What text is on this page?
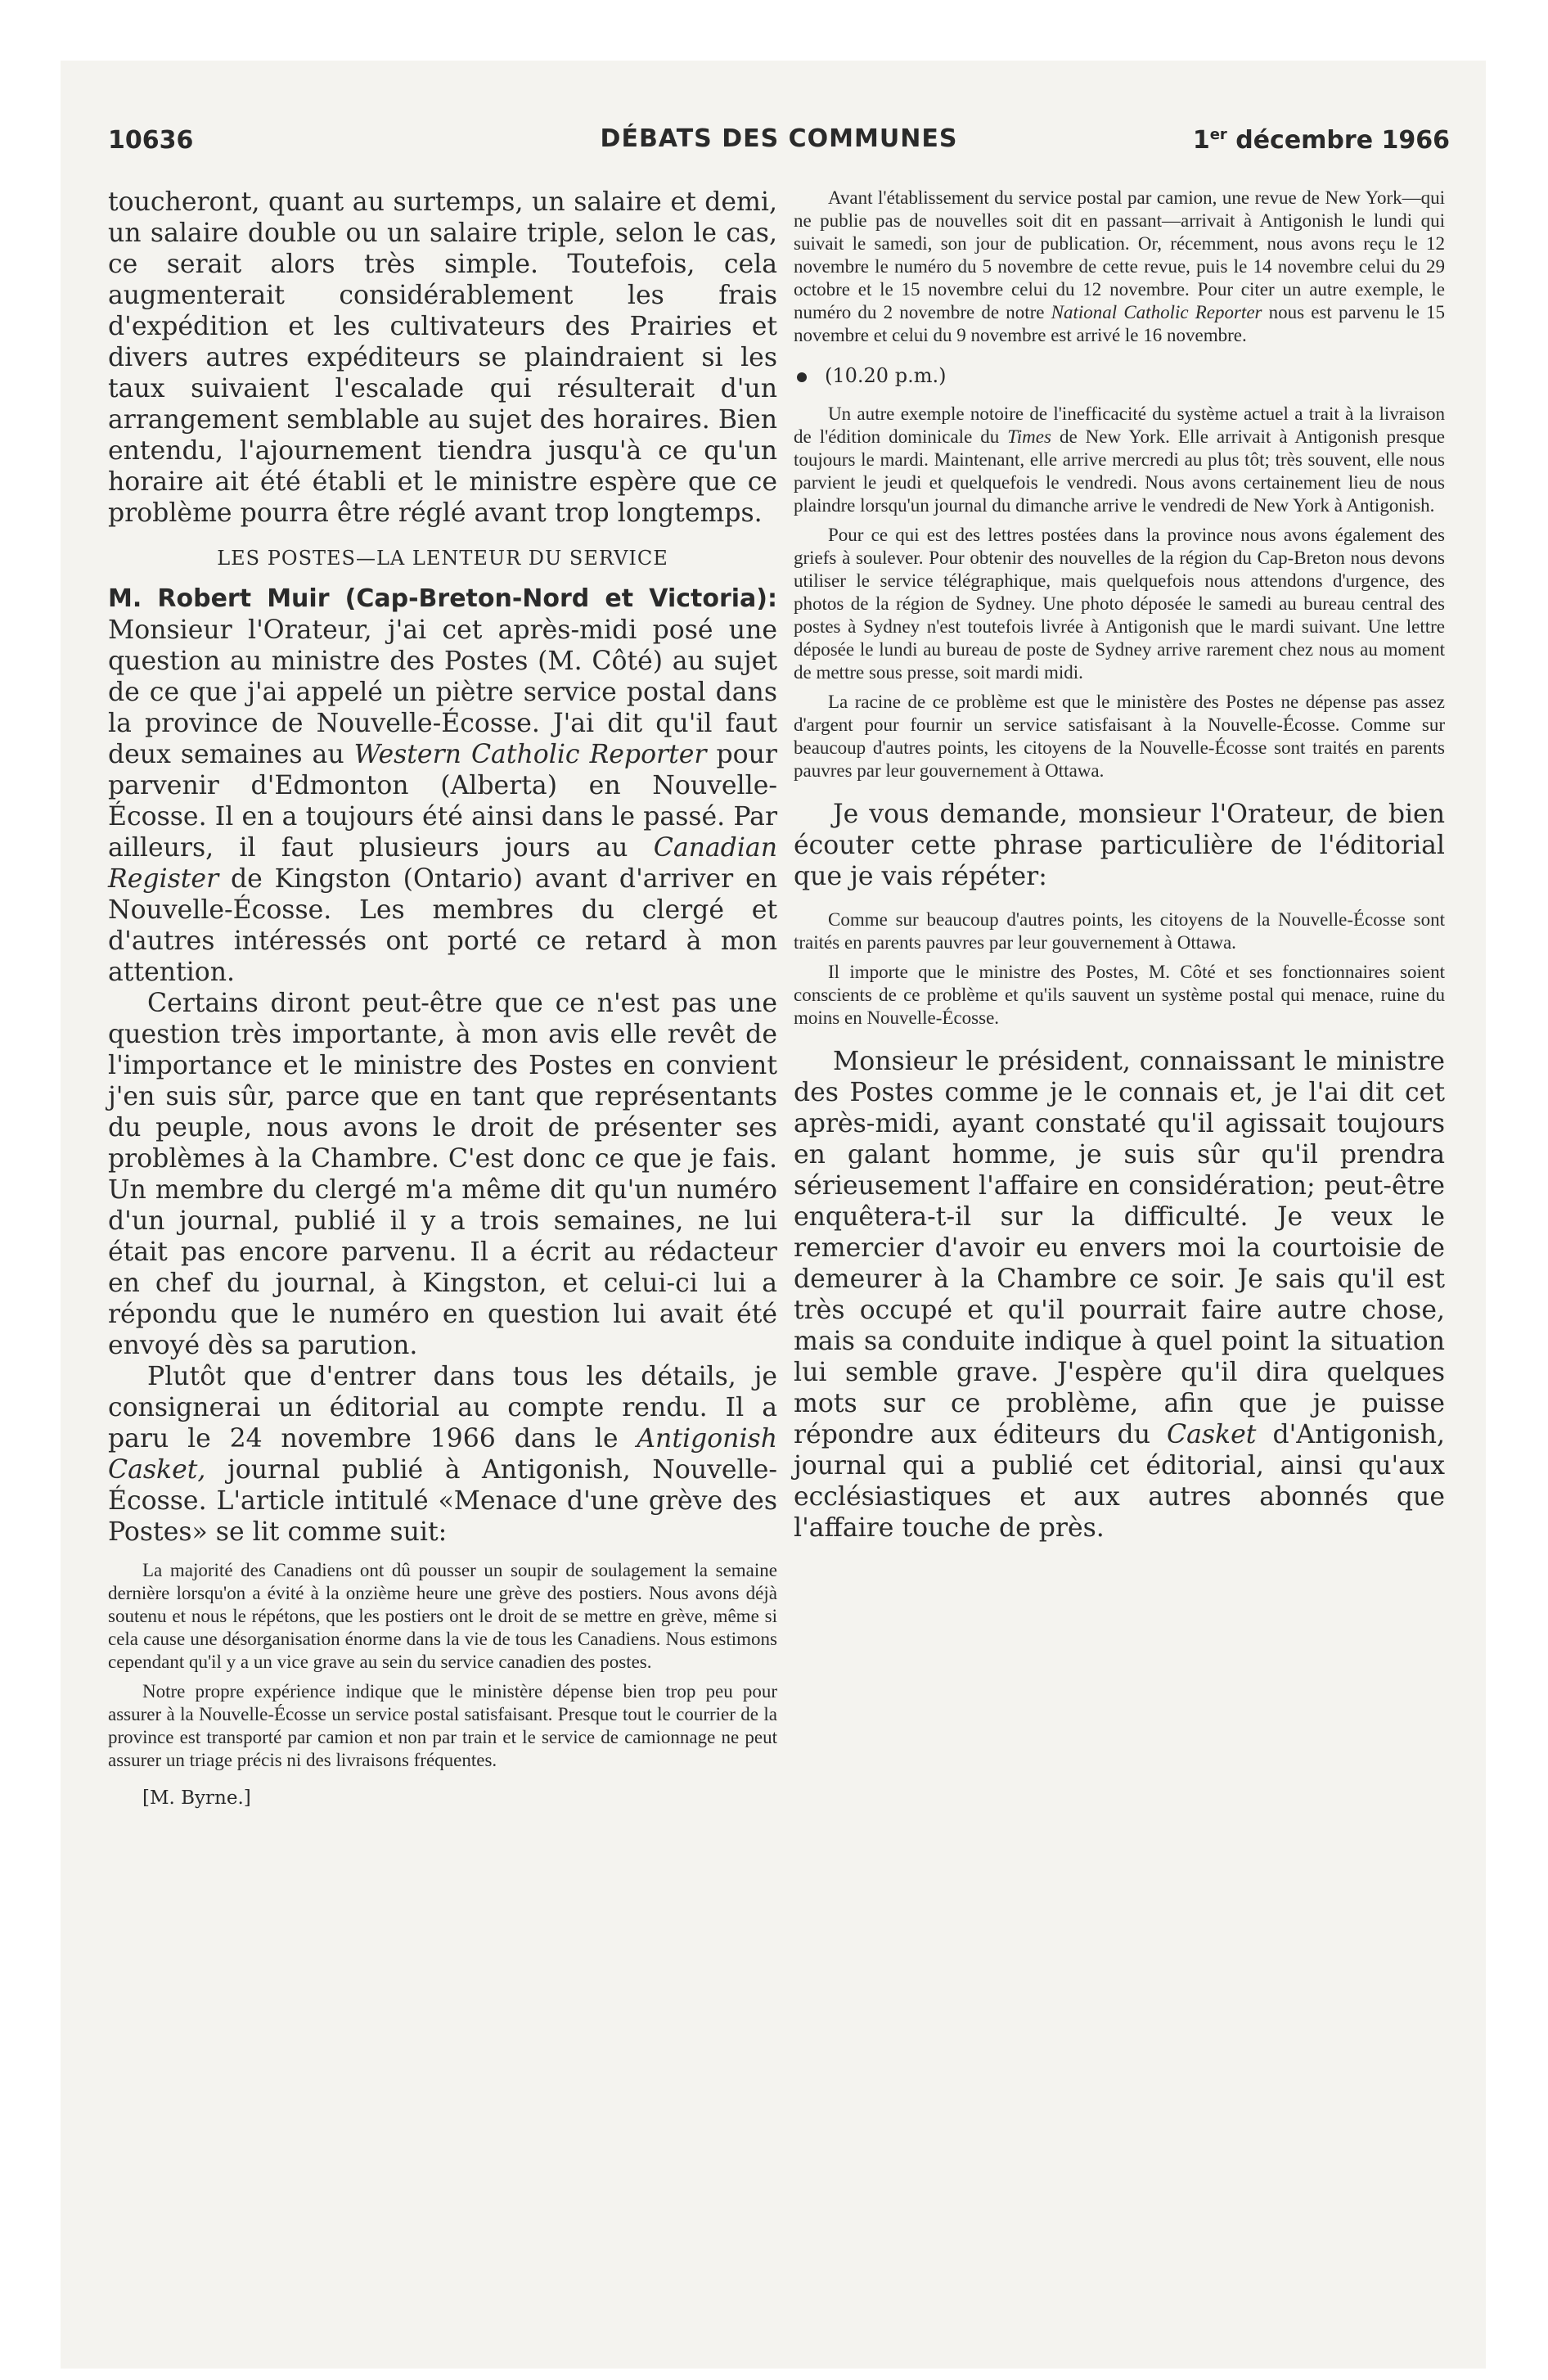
10636	DÉBATS DES COMMUNES	1er décembre 1966

toucheront, quant au surtemps, un salaire et demi, un salaire double ou un salaire triple, selon le cas, ce serait alors très simple. Toutefois, cela augmenterait considérablement les frais d'expédition et les cultivateurs des Prairies et divers autres expéditeurs se plaindraient si les taux suivaient l'escalade qui résulterait d'un arrangement semblable au sujet des horaires. Bien entendu, l'ajournement tiendra jusqu'à ce qu'un horaire ait été établi et le ministre espère que ce problème pourra être réglé avant trop longtemps.

LES POSTES—LA LENTEUR DU SERVICE

M. Robert Muir (Cap-Breton-Nord et Victoria): Monsieur l'Orateur, j'ai cet après-midi posé une question au ministre des Postes (M. Côté) au sujet de ce que j'ai appelé un piètre service postal dans la province de Nouvelle-Écosse. J'ai dit qu'il faut deux semaines au Western Catholic Reporter pour parvenir d'Edmonton (Alberta) en Nouvelle-Écosse. Il en a toujours été ainsi dans le passé. Par ailleurs, il faut plusieurs jours au Canadian Register de Kingston (Ontario) avant d'arriver en Nouvelle-Écosse. Les membres du clergé et d'autres intéressés ont porté ce retard à mon attention.

Certains diront peut-être que ce n'est pas une question très importante, à mon avis elle revêt de l'importance et le ministre des Postes en convient j'en suis sûr, parce que en tant que représentants du peuple, nous avons le droit de présenter ses problèmes à la Chambre. C'est donc ce que je fais. Un membre du clergé m'a même dit qu'un numéro d'un journal, publié il y a trois semaines, ne lui était pas encore parvenu. Il a écrit au rédacteur en chef du journal, à Kingston, et celui-ci lui a répondu que le numéro en question lui avait été envoyé dès sa parution.

Plutôt que d'entrer dans tous les détails, je consignerai un éditorial au compte rendu. Il a paru le 24 novembre 1966 dans le Antigonish Casket, journal publié à Antigonish, Nouvelle-Écosse. L'article intitulé «Menace d'une grève des Postes» se lit comme suit:

La majorité des Canadiens ont dû pousser un soupir de soulagement la semaine dernière lorsqu'on a évité à la onzième heure une grève des postiers. Nous avons déjà soutenu et nous le répétons, que les postiers ont le droit de se mettre en grève, même si cela cause une désorganisation énorme dans la vie de tous les Canadiens. Nous estimons cependant qu'il y a un vice grave au sein du service canadien des postes.

Notre propre expérience indique que le ministère dépense bien trop peu pour assurer à la Nouvelle-Écosse un service postal satisfaisant. Presque tout le courrier de la province est transporté par camion et non par train et le service de camionnage ne peut assurer un triage précis ni des livraisons fréquentes.

[M. Byrne.]

Avant l'établissement du service postal par camion, une revue de New York—qui ne publie pas de nouvelles soit dit en passant—arrivait à Antigonish le lundi qui suivait le samedi, son jour de publication. Or, récemment, nous avons reçu le 12 novembre le numéro du 5 novembre de cette revue, puis le 14 novembre celui du 29 octobre et le 15 novembre celui du 12 novembre. Pour citer un autre exemple, le numéro du 2 novembre de notre National Catholic Reporter nous est parvenu le 15 novembre et celui du 9 novembre est arrivé le 16 novembre.

(10.20 p.m.)

Un autre exemple notoire de l'inefficacité du système actuel a trait à la livraison de l'édition dominicale du Times de New York. Elle arrivait à Antigonish presque toujours le mardi. Maintenant, elle arrive mercredi au plus tôt; très souvent, elle nous parvient le jeudi et quelquefois le vendredi. Nous avons certainement lieu de nous plaindre lorsqu'un journal du dimanche arrive le vendredi de New York à Antigonish.

Pour ce qui est des lettres postées dans la province nous avons également des griefs à soulever. Pour obtenir des nouvelles de la région du Cap-Breton nous devons utiliser le service télégraphique, mais quelquefois nous attendons d'urgence, des photos de la région de Sydney. Une photo déposée le samedi au bureau central des postes à Sydney n'est toutefois livrée à Antigonish que le mardi suivant. Une lettre déposée le lundi au bureau de poste de Sydney arrive rarement chez nous au moment de mettre sous presse, soit mardi midi.

La racine de ce problème est que le ministère des Postes ne dépense pas assez d'argent pour fournir un service satisfaisant à la Nouvelle-Écosse. Comme sur beaucoup d'autres points, les citoyens de la Nouvelle-Écosse sont traités en parents pauvres par leur gouvernement à Ottawa.

Je vous demande, monsieur l'Orateur, de bien écouter cette phrase particulière de l'éditorial que je vais répéter:

Comme sur beaucoup d'autres points, les citoyens de la Nouvelle-Écosse sont traités en parents pauvres par leur gouvernement à Ottawa.

Il importe que le ministre des Postes, M. Côté et ses fonctionnaires soient conscients de ce problème et qu'ils sauvent un système postal qui menace, ruine du moins en Nouvelle-Écosse.

Monsieur le président, connaissant le ministre des Postes comme je le connais et, je l'ai dit cet après-midi, ayant constaté qu'il agissait toujours en galant homme, je suis sûr qu'il prendra sérieusement l'affaire en considération; peut-être enquêtera-t-il sur la difficulté. Je veux le remercier d'avoir eu envers moi la courtoisie de demeurer à la Chambre ce soir. Je sais qu'il est très occupé et qu'il pourrait faire autre chose, mais sa conduite indique à quel point la situation lui semble grave. J'espère qu'il dira quelques mots sur ce problème, afin que je puisse répondre aux éditeurs du Casket d'Antigonish, journal qui a publié cet éditorial, ainsi qu'aux ecclésiastiques et aux autres abonnés que l'affaire touche de près.
